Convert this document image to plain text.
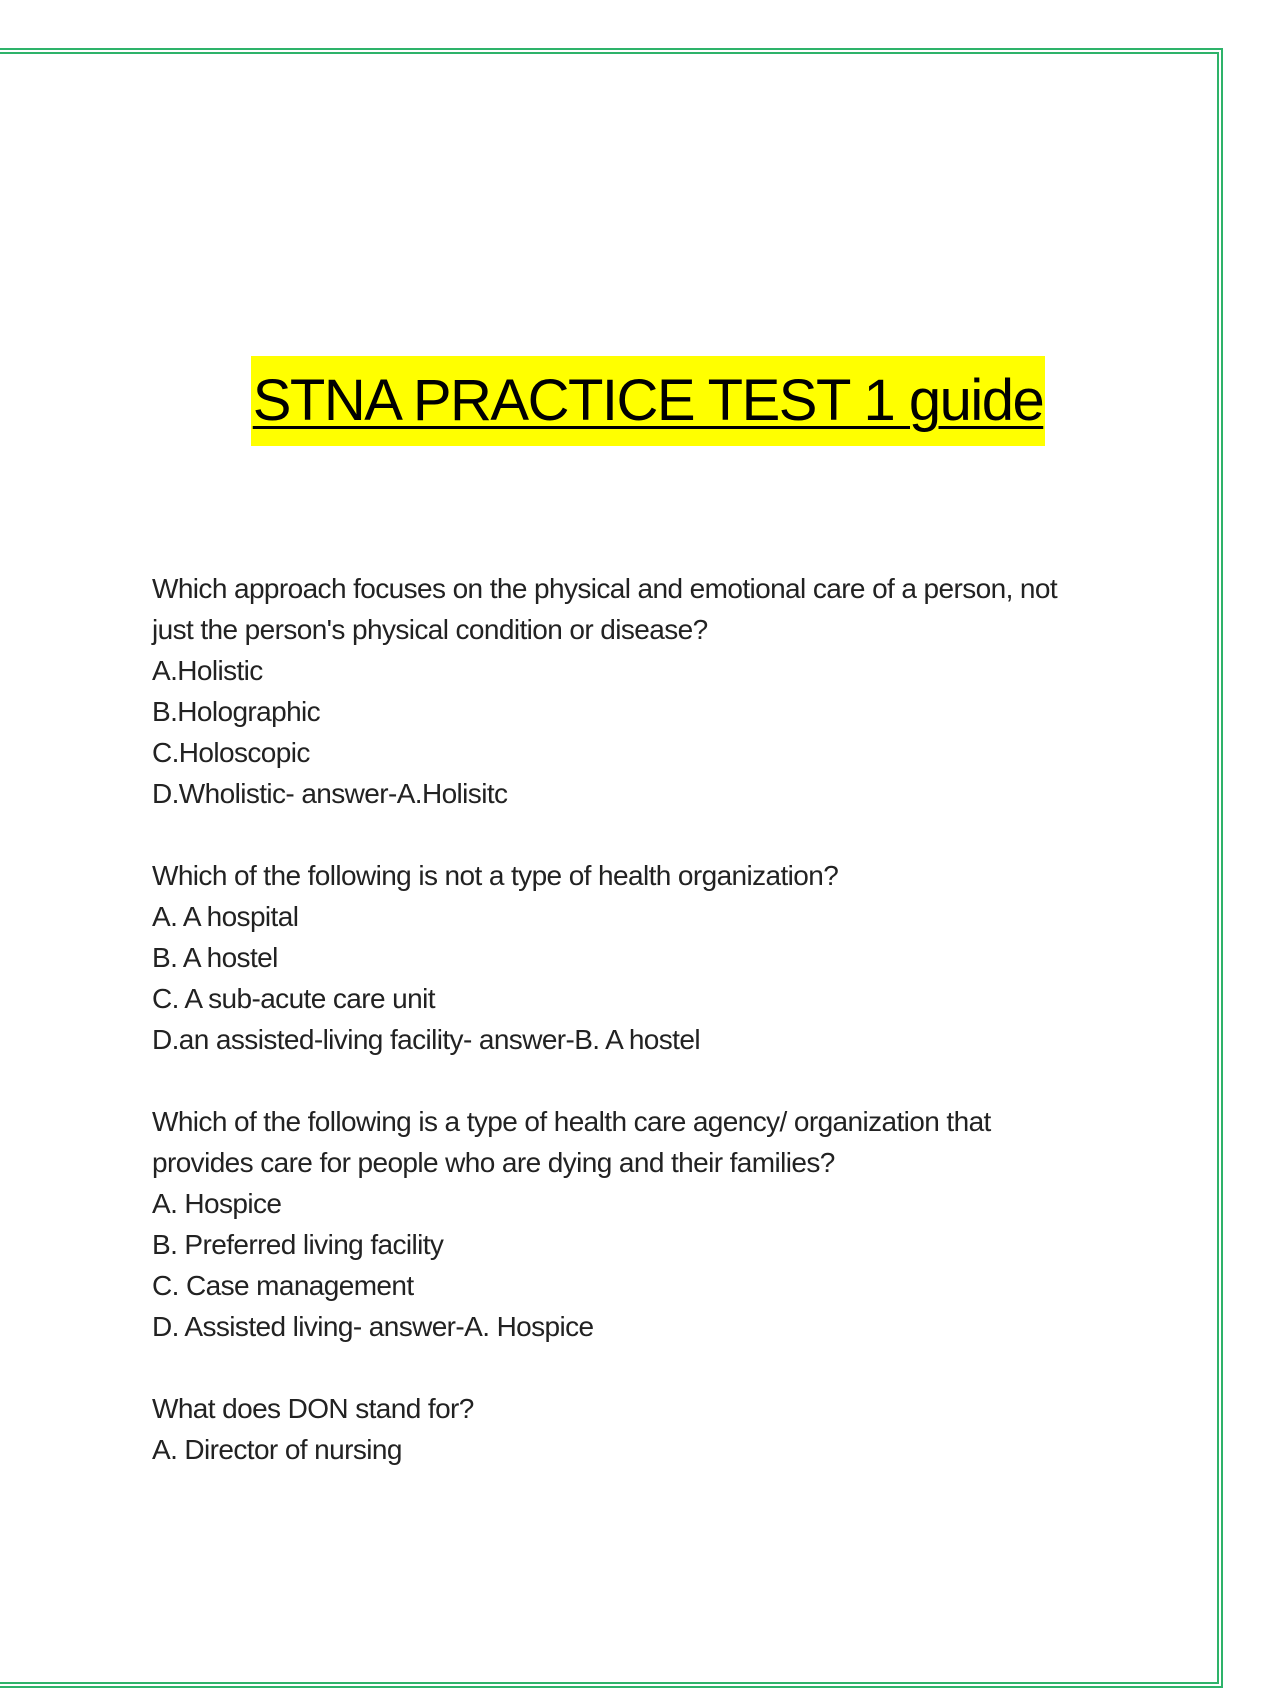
STNA PRACTICE TEST 1 guide
Which approach focuses on the physical and emotional care of a person, not
just the person's physical condition or disease?
A.Holistic
B.Holographic
C.Holoscopic
D.Wholistic- answer-A.Holisitc
Which of the following is not a type of health organization?
A. A hospital
B. A hostel
C. A sub-acute care unit
D.an assisted-living facility- answer-B. A hostel
Which of the following is a type of health care agency/ organization that
provides care for people who are dying and their families?
A. Hospice
B. Preferred living facility
C. Case management
D. Assisted living- answer-A. Hospice
What does DON stand for?
A. Director of nursing
